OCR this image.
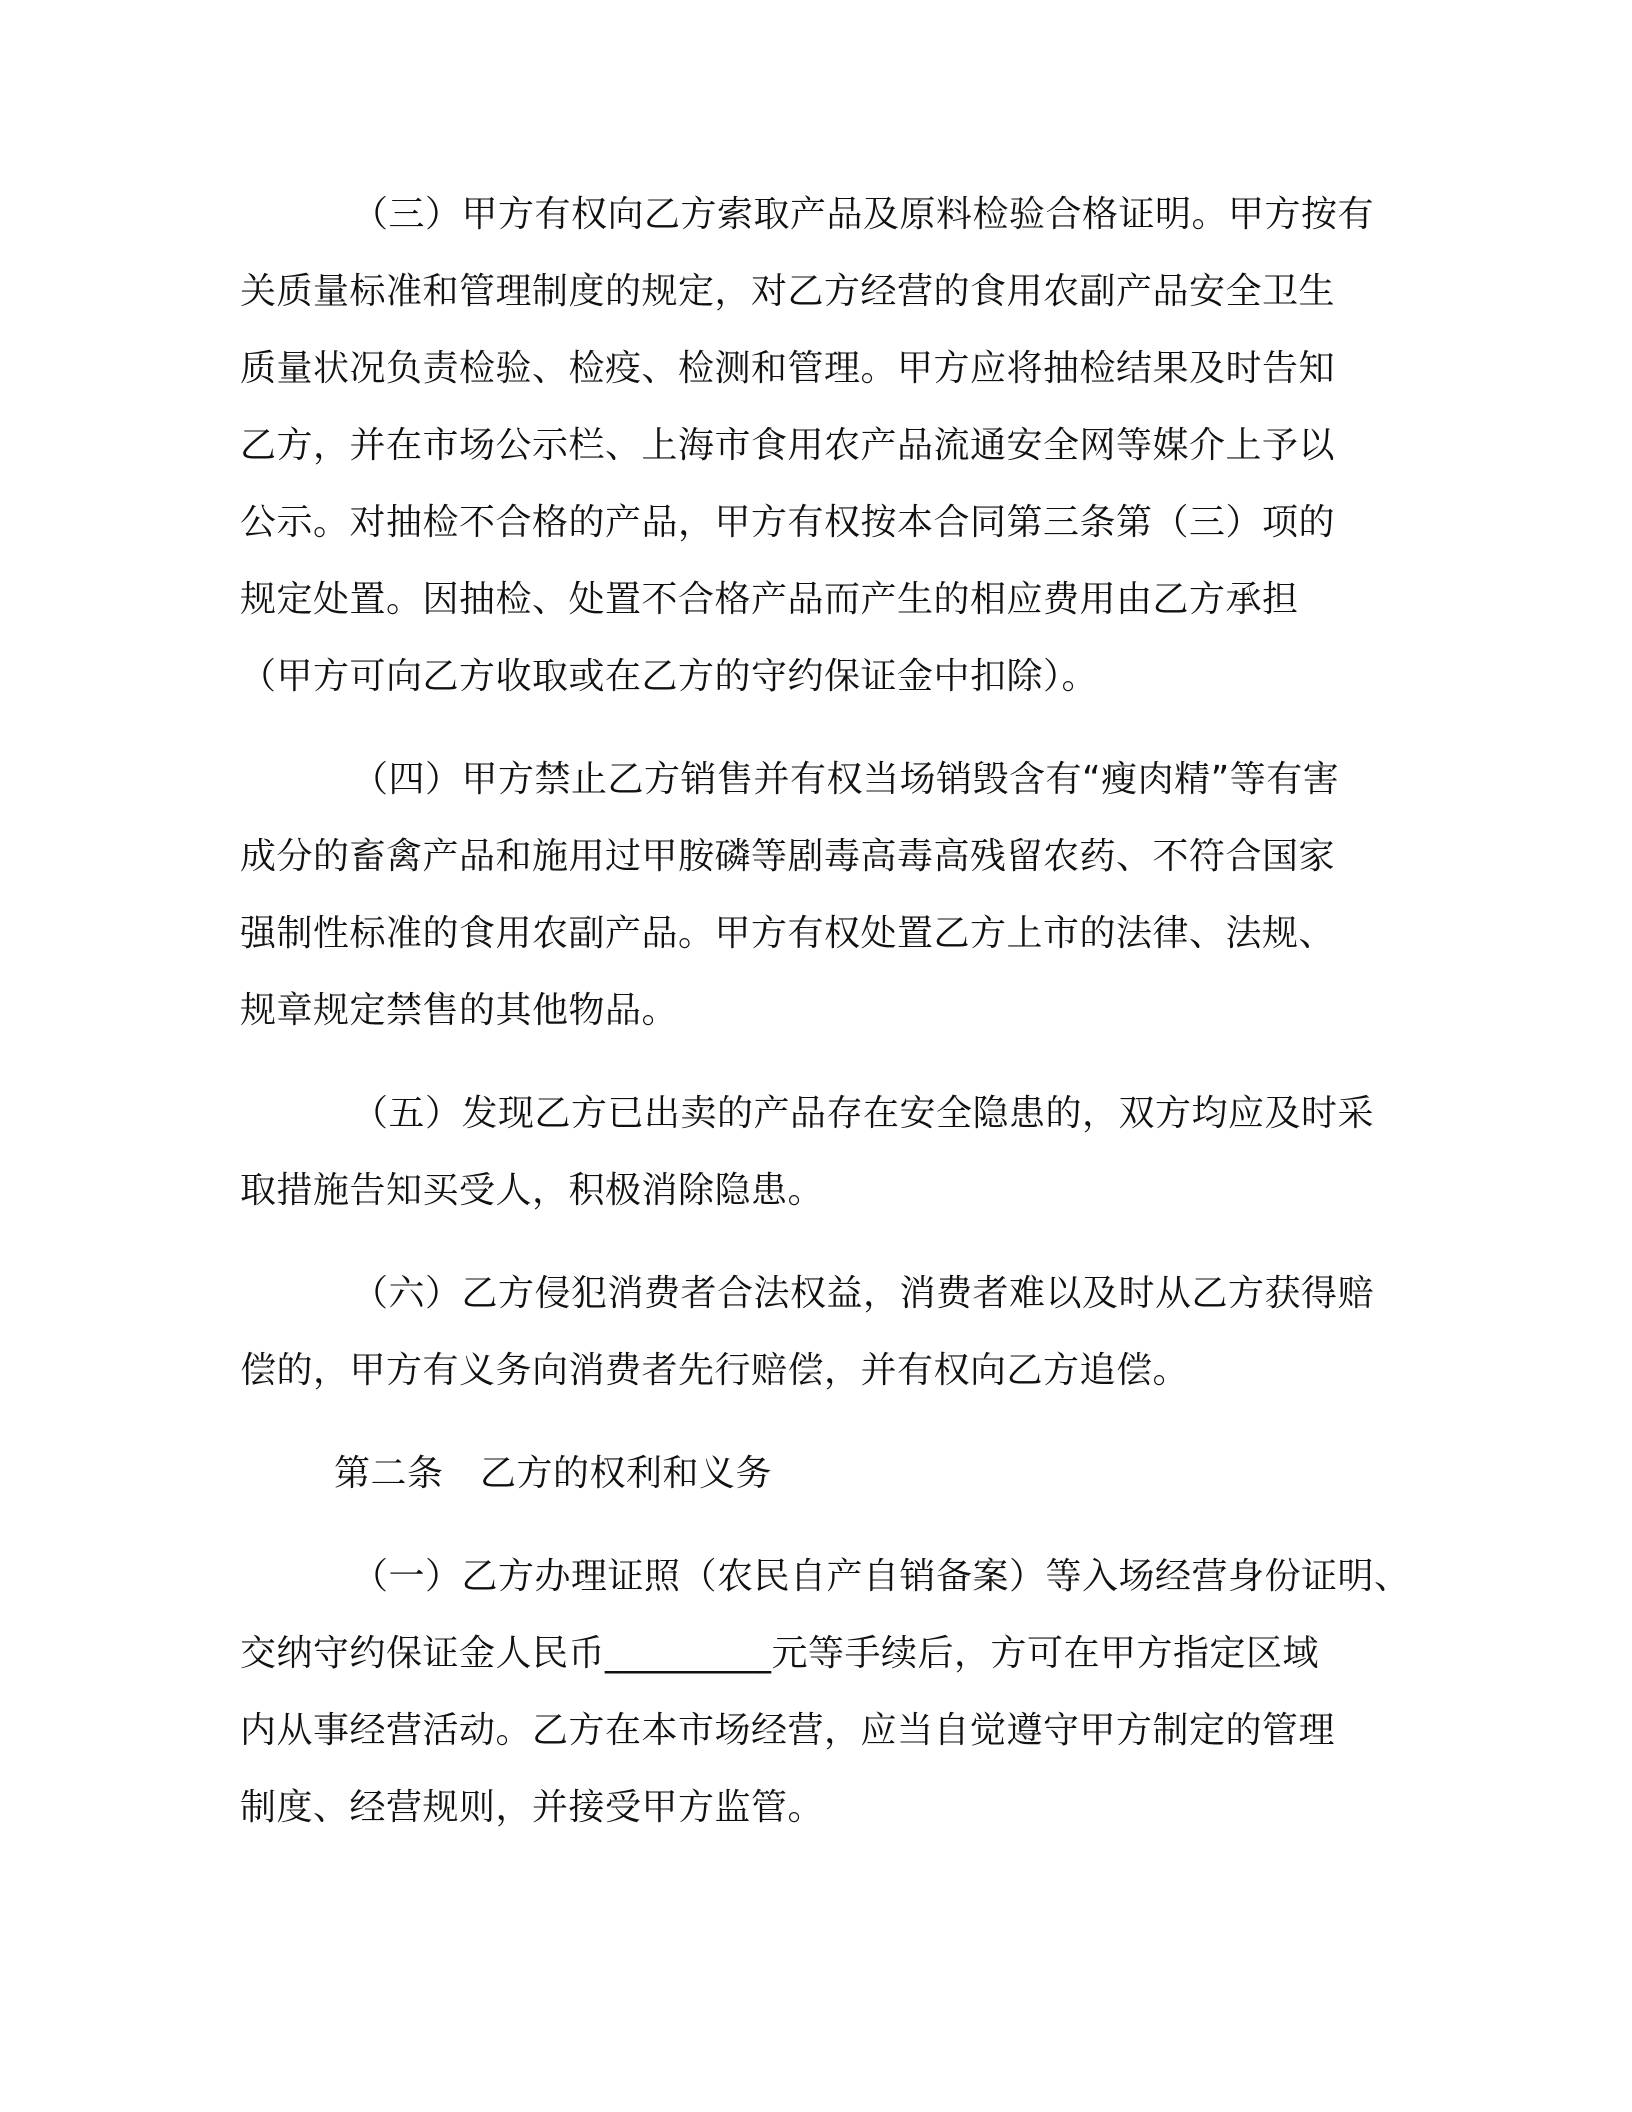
（三）甲方有权向乙方索取产品及原料检验合格证明。甲方按有
关质量标准和管理制度的规定，对乙方经营的食用农副产品安全卫生
质量状况负责检验、检疫、检测和管理。甲方应将抽检结果及时告知
乙方，并在市场公示栏、上海市食用农产品流通安全网等媒介上予以
公示。对抽检不合格的产品，甲方有权按本合同第三条第（三）项的
规定处置。因抽检、处置不合格产品而产生的相应费用由乙方承担
（甲方可向乙方收取或在乙方的守约保证金中扣除）。
（四）甲方禁止乙方销售并有权当场销毁含有“瘦肉精”等有害
成分的畜禽产品和施用过甲胺磷等剧毒高毒高残留农药、不符合国家
强制性标准的食用农副产品。甲方有权处置乙方上市的法律、法规、
规章规定禁售的其他物品。
（五）发现乙方已出卖的产品存在安全隐患的，双方均应及时采
取措施告知买受人，积极消除隐患。
（六）乙方侵犯消费者合法权益，消费者难以及时从乙方获得赔
偿的，甲方有义务向消费者先行赔偿，并有权向乙方追偿。
第二条　乙方的权利和义务
（一）乙方办理证照（农民自产自销备案）等入场经营身份证明、
交纳守约保证金人民币_________元等手续后，方可在甲方指定区域
内从事经营活动。乙方在本市场经营，应当自觉遵守甲方制定的管理
制度、经营规则，并接受甲方监管。
